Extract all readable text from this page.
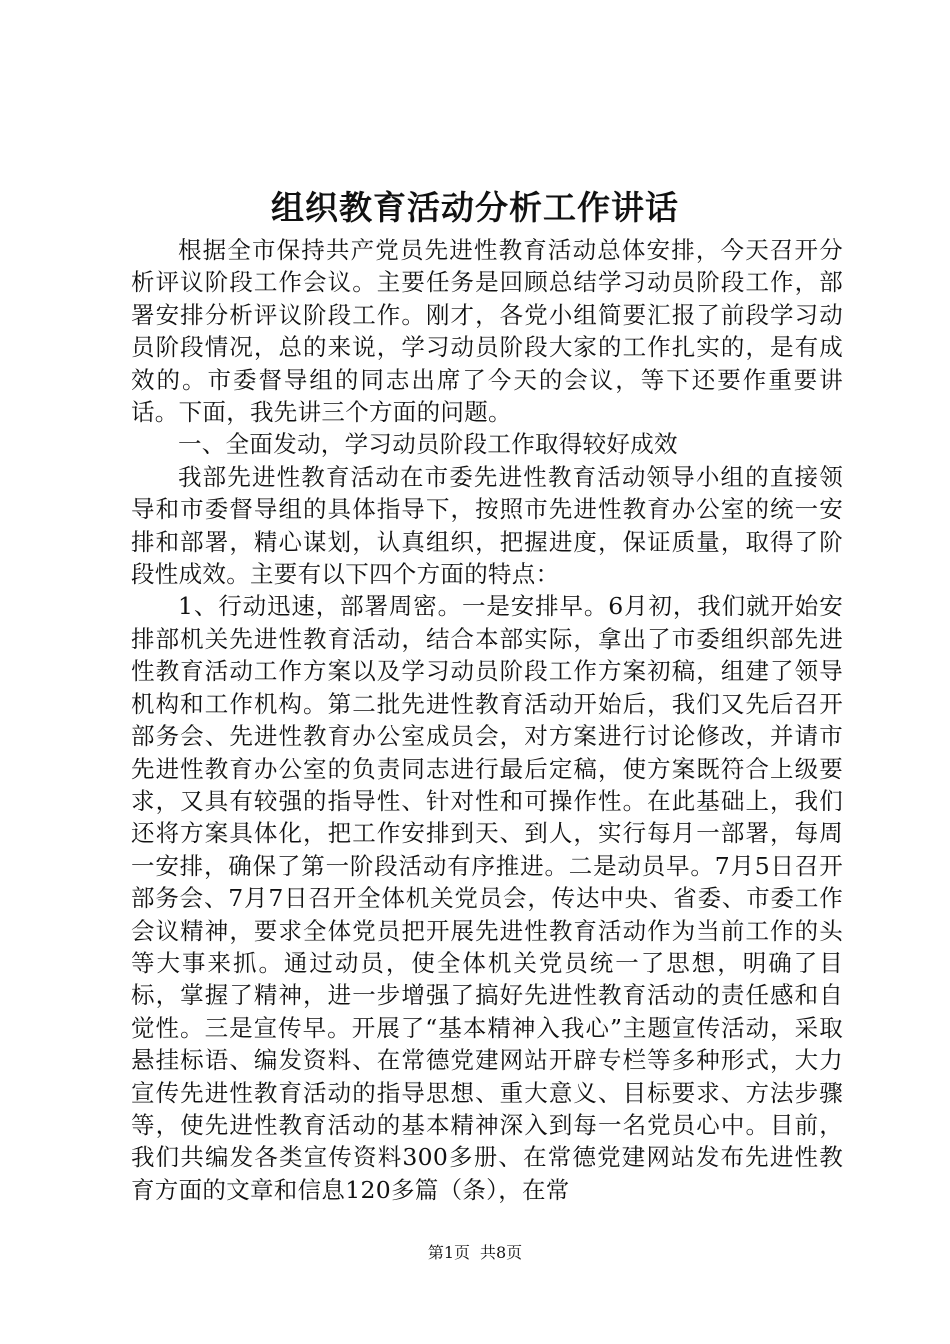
组织教育活动分析工作讲话

根据全市保持共产党员先进性教育活动总体安排，今天召开分析评议阶段工作会议。主要任务是回顾总结学习动员阶段工作，部署安排分析评议阶段工作。刚才，各党小组简要汇报了前段学习动员阶段情况，总的来说，学习动员阶段大家的工作扎实的，是有成效的。市委督导组的同志出席了今天的会议，等下还要作重要讲话。下面，我先讲三个方面的问题。

一、全面发动，学习动员阶段工作取得较好成效

我部先进性教育活动在市委先进性教育活动领导小组的直接领导和市委督导组的具体指导下，按照市先进性教育办公室的统一安排和部署，精心谋划，认真组织，把握进度，保证质量，取得了阶段性成效。主要有以下四个方面的特点：

1、行动迅速，部署周密。一是安排早。6月初，我们就开始安排部机关先进性教育活动，结合本部实际，拿出了市委组织部先进性教育活动工作方案以及学习动员阶段工作方案初稿，组建了领导机构和工作机构。第二批先进性教育活动开始后，我们又先后召开部务会、先进性教育办公室成员会，对方案进行讨论修改，并请市先进性教育办公室的负责同志进行最后定稿，使方案既符合上级要求，又具有较强的指导性、针对性和可操作性。在此基础上，我们还将方案具体化，把工作安排到天、到人，实行每月一部署，每周一安排，确保了第一阶段活动有序推进。二是动员早。7月5日召开部务会、7月7日召开全体机关党员会，传达中央、省委、市委工作会议精神，要求全体党员把开展先进性教育活动作为当前工作的头等大事来抓。通过动员，使全体机关党员统一了思想，明确了目标，掌握了精神，进一步增强了搞好先进性教育活动的责任感和自觉性。三是宣传早。开展了“基本精神入我心”主题宣传活动，采取悬挂标语、编发资料、在常德党建网站开辟专栏等多种形式，大力宣传先进性教育活动的指导思想、重大意义、目标要求、方法步骤等，使先进性教育活动的基本精神深入到每一名党员心中。目前，我们共编发各类宣传资料300多册、在常德党建网站发布先进性教育方面的文章和信息120多篇（条），在常

第1页 共8页
